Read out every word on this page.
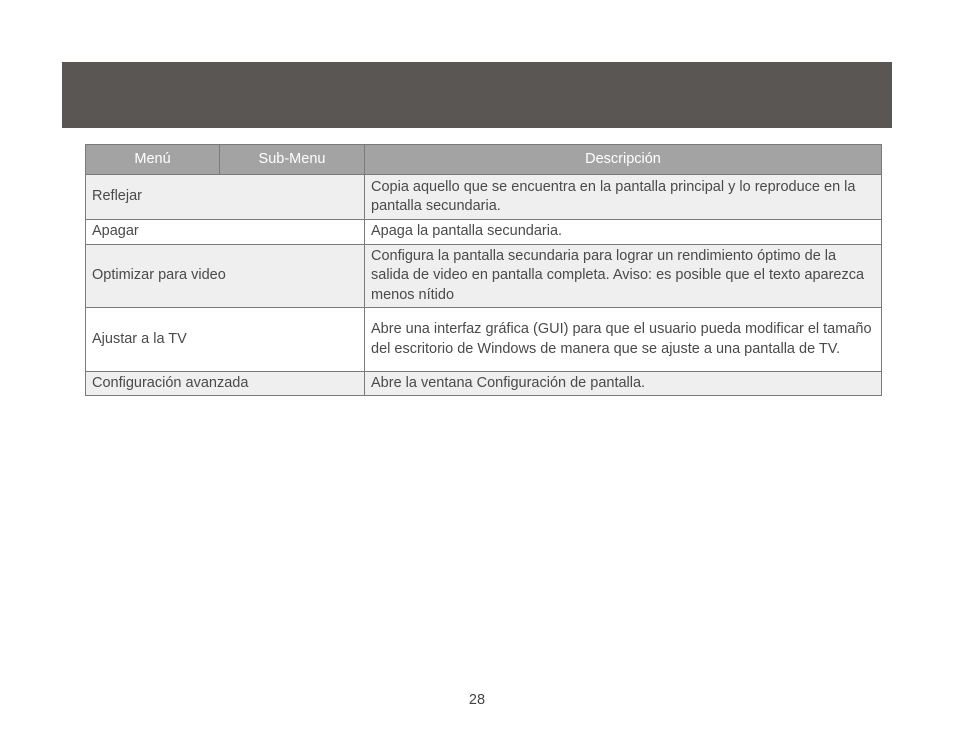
Menú	Sub-Menu	Descripción
Reflejar		Copia aquello que se encuentra en la pantalla principal y lo reproduce en la pantalla secundaria.
Apagar		Apaga la pantalla secundaria.
Optimizar para video		Configura la pantalla secundaria para lograr un rendimiento óptimo de la salida de video en pantalla completa. Aviso: es posible que el texto aparezca menos nítido
Ajustar a la TV		Abre una interfaz gráfica (GUI) para que el usuario pueda modificar el tamaño del escritorio de Windows de manera que se ajuste a una pantalla de TV.
Configuración avanzada		Abre la ventana Configuración de pantalla.
28
